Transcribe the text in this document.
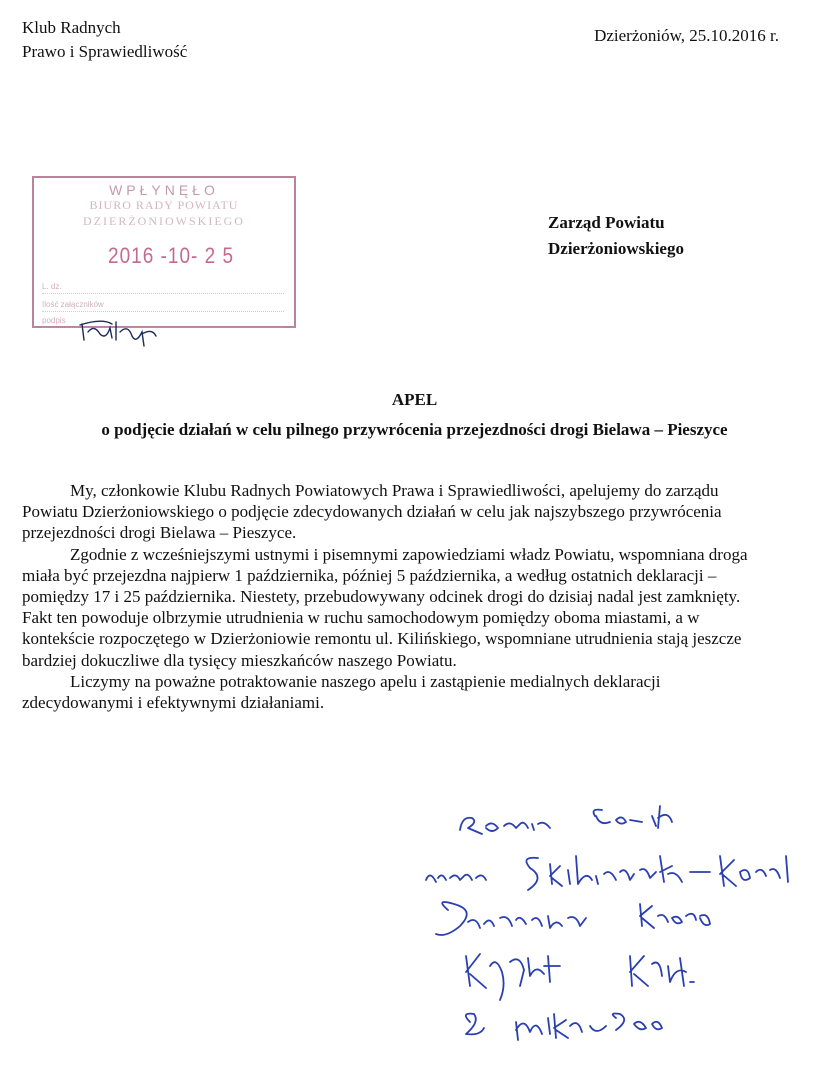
Klub Radnych
Prawo i Sprawiedliwość
Dzierżoniów, 25.10.2016 r.
WPŁYNĘŁO
BIURO RADY POWIATU
DZIERŻONIOWSKIEGO
2016 -10- 2 5
L. dz.
Ilość załączników
podpis
Zarząd Powiatu
Dzierżoniowskiego
APEL
o podjęcie działań w celu pilnego przywrócenia przejezdności drogi Bielawa – Pieszyce

My, członkowie Klubu Radnych Powiatowych Prawa i Sprawiedliwości, apelujemy do zarządu Powiatu Dzierżoniowskiego o podjęcie zdecydowanych działań w celu jak najszybszego przywrócenia przejezdności drogi Bielawa – Pieszyce.

Zgodnie z wcześniejszymi ustnymi i pisemnymi zapowiedziami władz Powiatu, wspomniana droga miała być przejezdna najpierw 1 października, później 5 października, a według ostatnich deklaracji – pomiędzy 17 i 25 października. Niestety, przebudowywany odcinek drogi do dzisiaj nadal jest zamknięty. Fakt ten powoduje olbrzymie utrudnienia w ruchu samochodowym pomiędzy oboma miastami, a w kontekście rozpoczętego w Dzierżoniowie remontu ul. Kilińskiego, wspomniane utrudnienia stają jeszcze bardziej dokuczliwe dla tysięcy mieszkańców naszego Powiatu.

Liczymy na poważne potraktowanie naszego apelu i zastąpienie medialnych deklaracji zdecydowanymi i efektywnymi działaniami.
